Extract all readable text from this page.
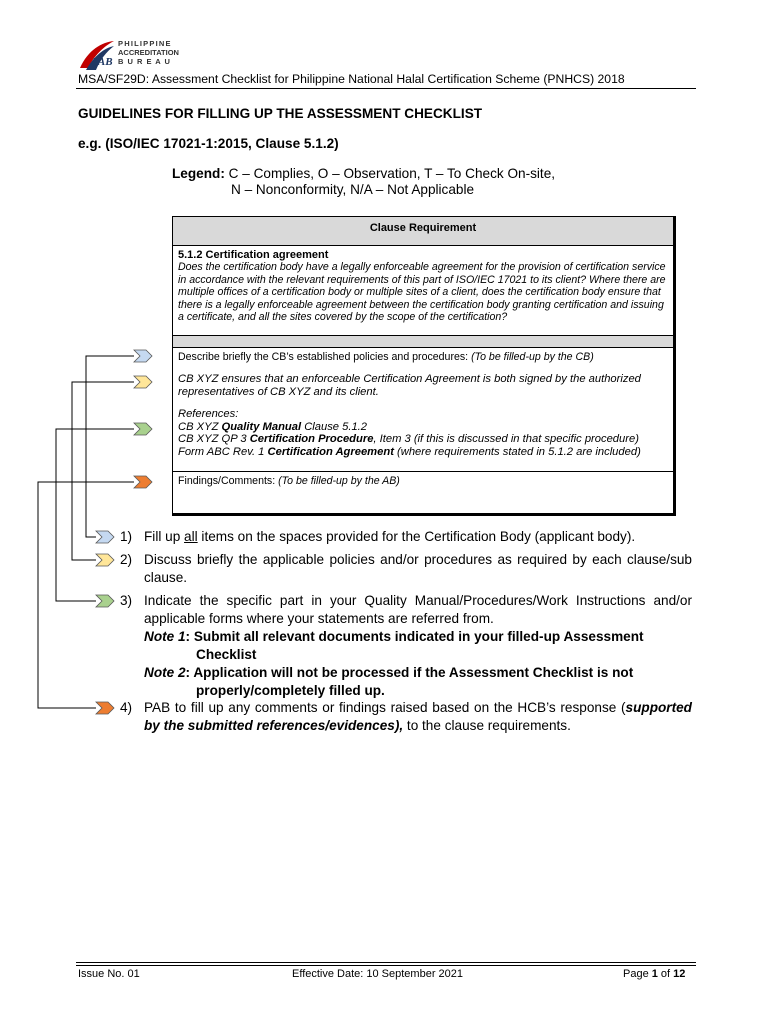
PAB
PHILIPPINE
ACCREDITATION
B U R E A U
MSA/SF29D: Assessment Checklist for Philippine National Halal Certification Scheme (PNHCS) 2018
GUIDELINES FOR FILLING UP THE ASSESSMENT CHECKLIST
e.g. (ISO/IEC 17021-1:2015, Clause 5.1.2)
Legend: C – Complies, O – Observation, T – To Check On-site,
N – Nonconformity, N/A – Not Applicable
Clause Requirement
5.1.2 Certification agreement
Does the certification body have a legally enforceable agreement for the provision of certification service in accordance with the relevant requirements of this part of ISO/IEC 17021 to its client? Where there are multiple offices of a certification body or multiple sites of a client, does the certification body ensure that there is a legally enforceable agreement between the certification body granting certification and issuing a certificate, and all the sites covered by the scope of the certification?
Describe briefly the CB’s established policies and procedures: (To be filled-up by the CB)
CB XYZ ensures that an enforceable Certification Agreement is both signed by the authorized representatives of CB XYZ and its client.
References:
CB XYZ Quality Manual Clause 5.1.2
CB XYZ QP 3 Certification Procedure, Item 3 (if this is discussed in that specific procedure)
Form ABC Rev. 1 Certification Agreement (where requirements stated in 5.1.2 are included)
Findings/Comments: (To be filled-up by the AB)
1) Fill up all items on the spaces provided for the Certification Body (applicant body).
2) Discuss briefly the applicable policies and/or procedures as required by each clause/sub clause.
3) Indicate the specific part in your Quality Manual/Procedures/Work Instructions and/or applicable forms where your statements are referred from.
Note 1: Submit all relevant documents indicated in your filled-up Assessment
Checklist
Note 2: Application will not be processed if the Assessment Checklist is not
properly/completely filled up.
4) PAB to fill up any comments or findings raised based on the HCB’s response (supported by the submitted references/evidences), to the clause requirements.
Issue No. 01	Effective Date: 10 September 2021	Page 1 of 12
